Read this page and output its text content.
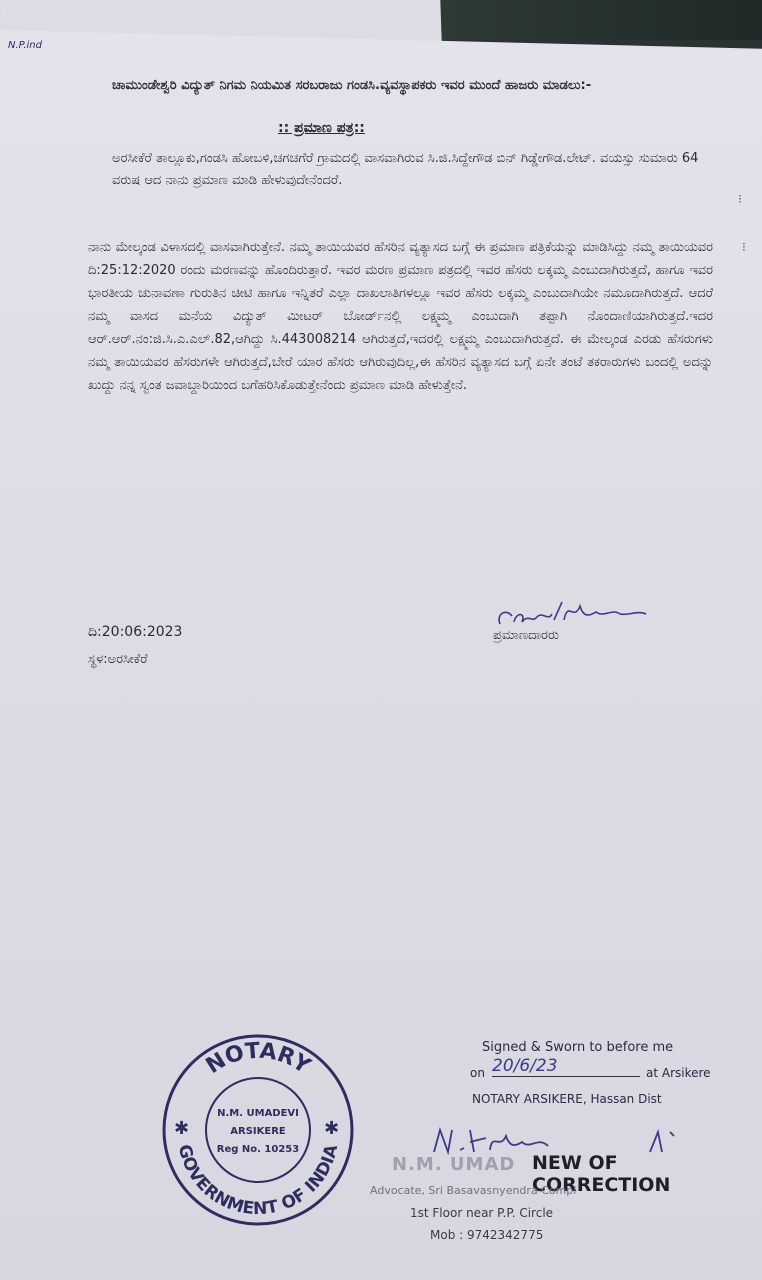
N.P.ind
ಚಾಮುಂಡೇಶ್ವರಿ ವಿದ್ಯುತ್ ನಿಗಮ ನಿಯಮಿತ ಸರಬರಾಜು ಗಂಡಸಿ.ವ್ಯವಸ್ಥಾಪಕರು ಇವರ ಮುಂದೆ ಹಾಜರು ಮಾಡಲು:-
:: ಪ್ರಮಾಣ ಪತ್ರ::
ಅರಸೀಕೆರೆ ತಾಲ್ಲೂಕು,ಗಂಡಸಿ ಹೋಬಳಿ,ಚಗಚಗೆರೆ ಗ್ರಾಮದಲ್ಲಿ ವಾಸವಾಗಿರುವ ಸಿ.ಜಿ.ಸಿದ್ದೇಗೌಡ ಬಿನ್ ಗಿಡ್ಡೇಗೌಡ.ಲೇಟ್. ವಯಸ್ಸು ಸುಮಾರು 64 ವರುಷ ಆದ ನಾನು ಪ್ರಮಾಣ ಮಾಡಿ ಹೇಳುವುದೇನೆಂದರೆ.
ನಾನು ಮೇಲ್ಕಂಡ ವಿಳಾಸದಲ್ಲಿ ವಾಸವಾಗಿರುತ್ತೇನೆ. ನಮ್ಮ ತಾಯಿಯವರ ಹೆಸರಿನ ವ್ಯತ್ಯಾಸದ ಬಗ್ಗೆ ಈ ಪ್ರಮಾಣ ಪತ್ರಿಕೆಯನ್ನು ಮಾಡಿಸಿದ್ದು ನಮ್ಮ ತಾಯಿಯವರ ದಿ:25:12:2020 ರಂದು ಮರಣವನ್ನು ಹೊಂದಿರುತ್ತಾರೆ. ಇವರ ಮರಣ ಪ್ರಮಾಣ ಪತ್ರದಲ್ಲಿ ಇವರ ಹೆಸರು ಲಕ್ಕಮ್ಮ ಎಂಬುದಾಗಿರುತ್ತದೆ, ಹಾಗೂ ಇವರ ಭಾರತೀಯ ಚುನಾವಣಾ ಗುರುತಿನ ಚೀಟಿ ಹಾಗೂ ಇನ್ನಿತರೆ ಎಲ್ಲಾ ದಾಖಲಾತಿಗಳಲ್ಲೂ ಇವರ ಹೆಸರು ಲಕ್ಕಮ್ಮ ಎಂಬುದಾಗಿಯೇ ನಮೂದಾಗಿರುತ್ತದೆ. ಆದರೆ ನಮ್ಮ ವಾಸದ ಮನೆಯ ವಿದ್ಯುತ್ ಮೀಟರ್ ಬೋರ್ಡ್‌ನಲ್ಲಿ ಲಕ್ಷ್ಮಮ್ಮ ಎಂಬುದಾಗಿ ತಪ್ಪಾಗಿ ನೊಂದಾಣಿಯಾಗಿರುತ್ತದೆ.ಇದರ ಆರ್.ಆರ್.ನಂ:ಜಿ.ಸಿ.ಎ.ಎಲ್.82,ಆಗಿದ್ದು ಸಿ.443008214 ಆಗಿರುತ್ತದೆ,ಇದರಲ್ಲಿ ಲಕ್ಷ್ಮಮ್ಮ ಎಂಬುದಾಗಿರುತ್ತದೆ. ಈ ಮೇಲ್ಕಂಡ ಎರಡು ಹೆಸರುಗಳು ನಮ್ಮ ತಾಯಿಯವರ ಹೆಸರುಗಳೇ ಆಗಿರುತ್ತದೆ,ಬೇರೆ ಯಾರ ಹೆಸರು ಆಗಿರುವುದಿಲ್ಲ,ಈ ಹೆಸರಿನ ವ್ಯತ್ಯಾಸದ ಬಗ್ಗೆ ಏನೇ ತಂಟೆ ತಕರಾರುಗಳು ಬಂದಲ್ಲಿ ಅದನ್ನು ಖುದ್ದು ನನ್ನ ಸ್ವಂತ ಜವಾಬ್ದಾರಿಯಿಂದ ಬಗೆಹರಿಸಿಕೊಡುತ್ತೇನೆಂದು ಪ್ರಮಾಣ ಮಾಡಿ ಹೇಳುತ್ತೇನೆ.
ದಿ:20:06:2023
ಸ್ಥಳ:ಅರಸೀಕೆರೆ
ಪ್ರಮಾಣದಾರರು
⁝
⁝
NOTARY
GOVERNMENT OF INDIA
✱	✱
N.M. UMADEVI
ARSIKERE
Reg No. 10253
Signed & Sworn to before me
on 20/6/23	at Arsikere
NOTARY ARSIKERE, Hassan Dist
N.M. UMAD NEW OF CORRECTION
Advocate, Sri Basavasnyendra Compl
1st Floor near P.P. Circle
Mob : 9742342775
